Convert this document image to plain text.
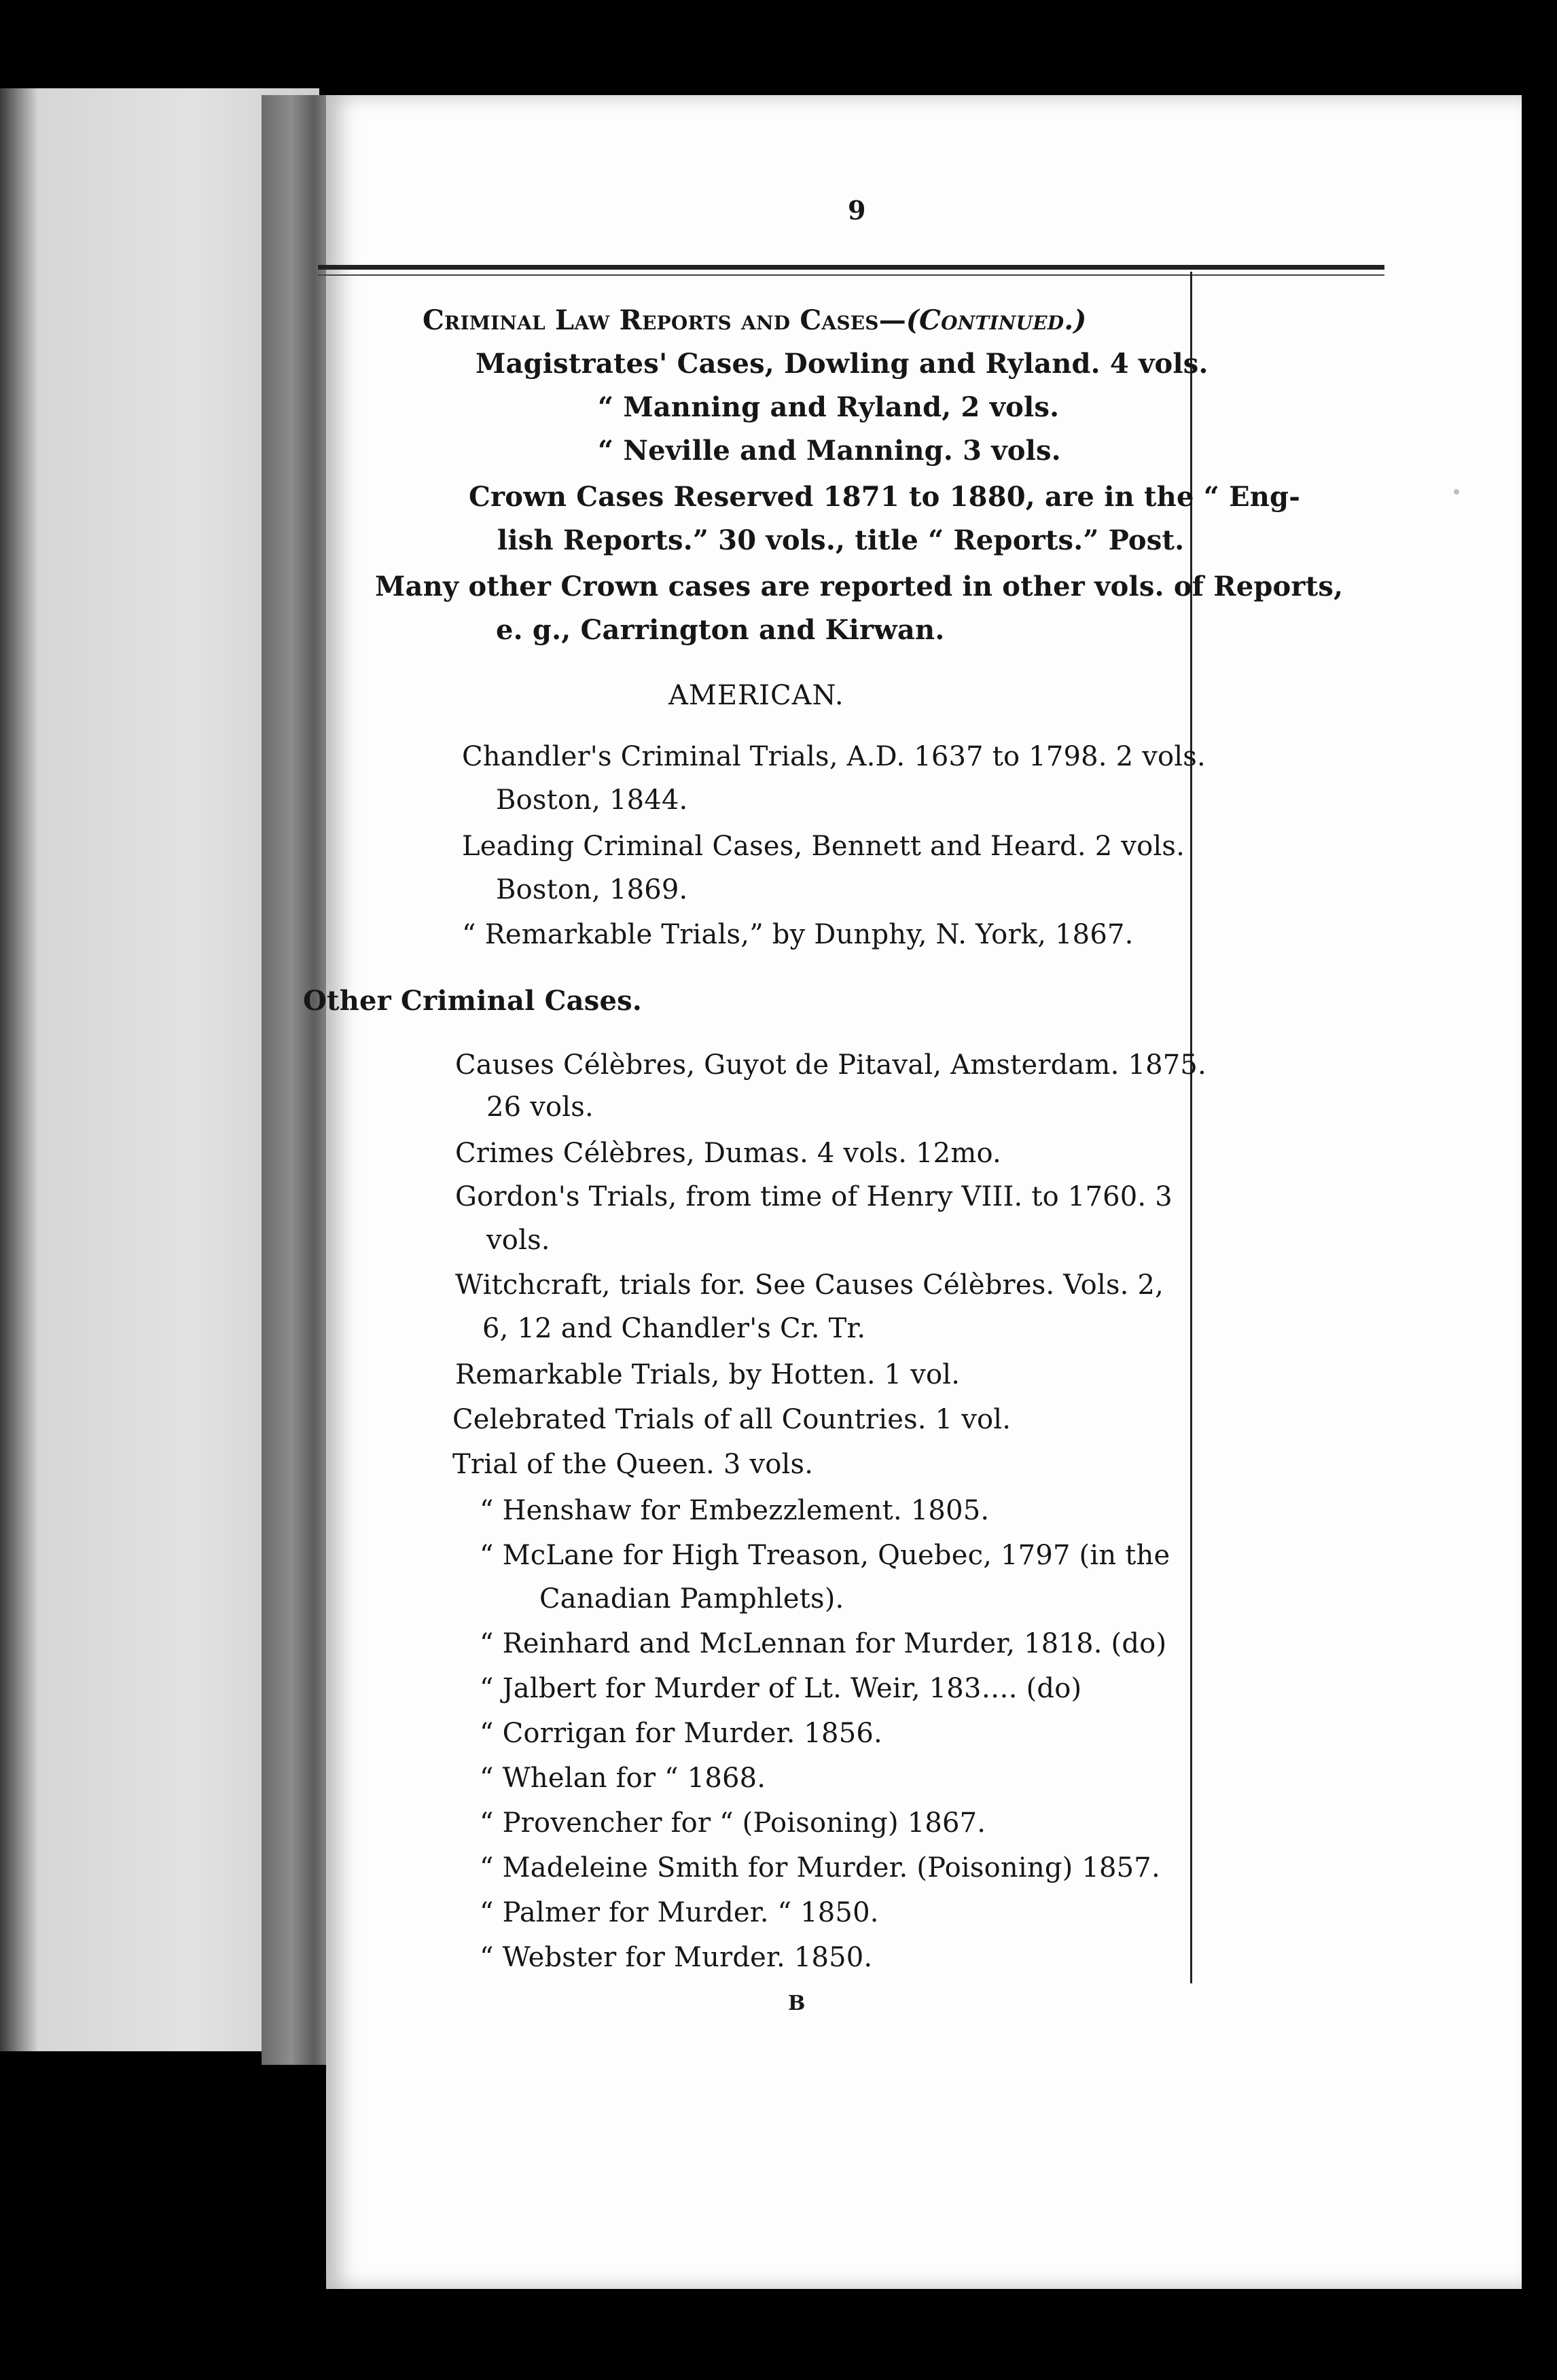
9
Criminal Law Reports and Cases—(Continued.)
Magistrates' Cases, Dowling and Ryland. 4 vols.
“ Manning and Ryland, 2 vols.
“ Neville and Manning. 3 vols.
Crown Cases Reserved 1871 to 1880, are in the “ Eng-
lish Reports.” 30 vols., title “ Reports.” Post.
Many other Crown cases are reported in other vols. of Reports,
e. g., Carrington and Kirwan.
AMERICAN.
Chandler's Criminal Trials, A.D. 1637 to 1798. 2 vols.
Boston, 1844.
Leading Criminal Cases, Bennett and Heard. 2 vols.
Boston, 1869.
“ Remarkable Trials,” by Dunphy, N. York, 1867.
Other Criminal Cases.
Causes Célèbres, Guyot de Pitaval, Amsterdam. 1875.
26 vols.
Crimes Célèbres, Dumas. 4 vols. 12mo.
Gordon's Trials, from time of Henry VIII. to 1760. 3
vols.
Witchcraft, trials for. See Causes Célèbres. Vols. 2,
6, 12 and Chandler's Cr. Tr.
Remarkable Trials, by Hotten. 1 vol.
Celebrated Trials of all Countries. 1 vol.
Trial of the Queen. 3 vols.
“ Henshaw for Embezzlement. 1805.
“ McLane for High Treason, Quebec, 1797 (in the
Canadian Pamphlets).
“ Reinhard and McLennan for Murder, 1818. (do)
“ Jalbert for Murder of Lt. Weir, 183…. (do)
“ Corrigan for Murder. 1856.
“ Whelan for “ 1868.
“ Provencher for “ (Poisoning) 1867.
“ Madeleine Smith for Murder. (Poisoning) 1857.
“ Palmer for Murder. “ 1850.
“ Webster for Murder. 1850.
B
